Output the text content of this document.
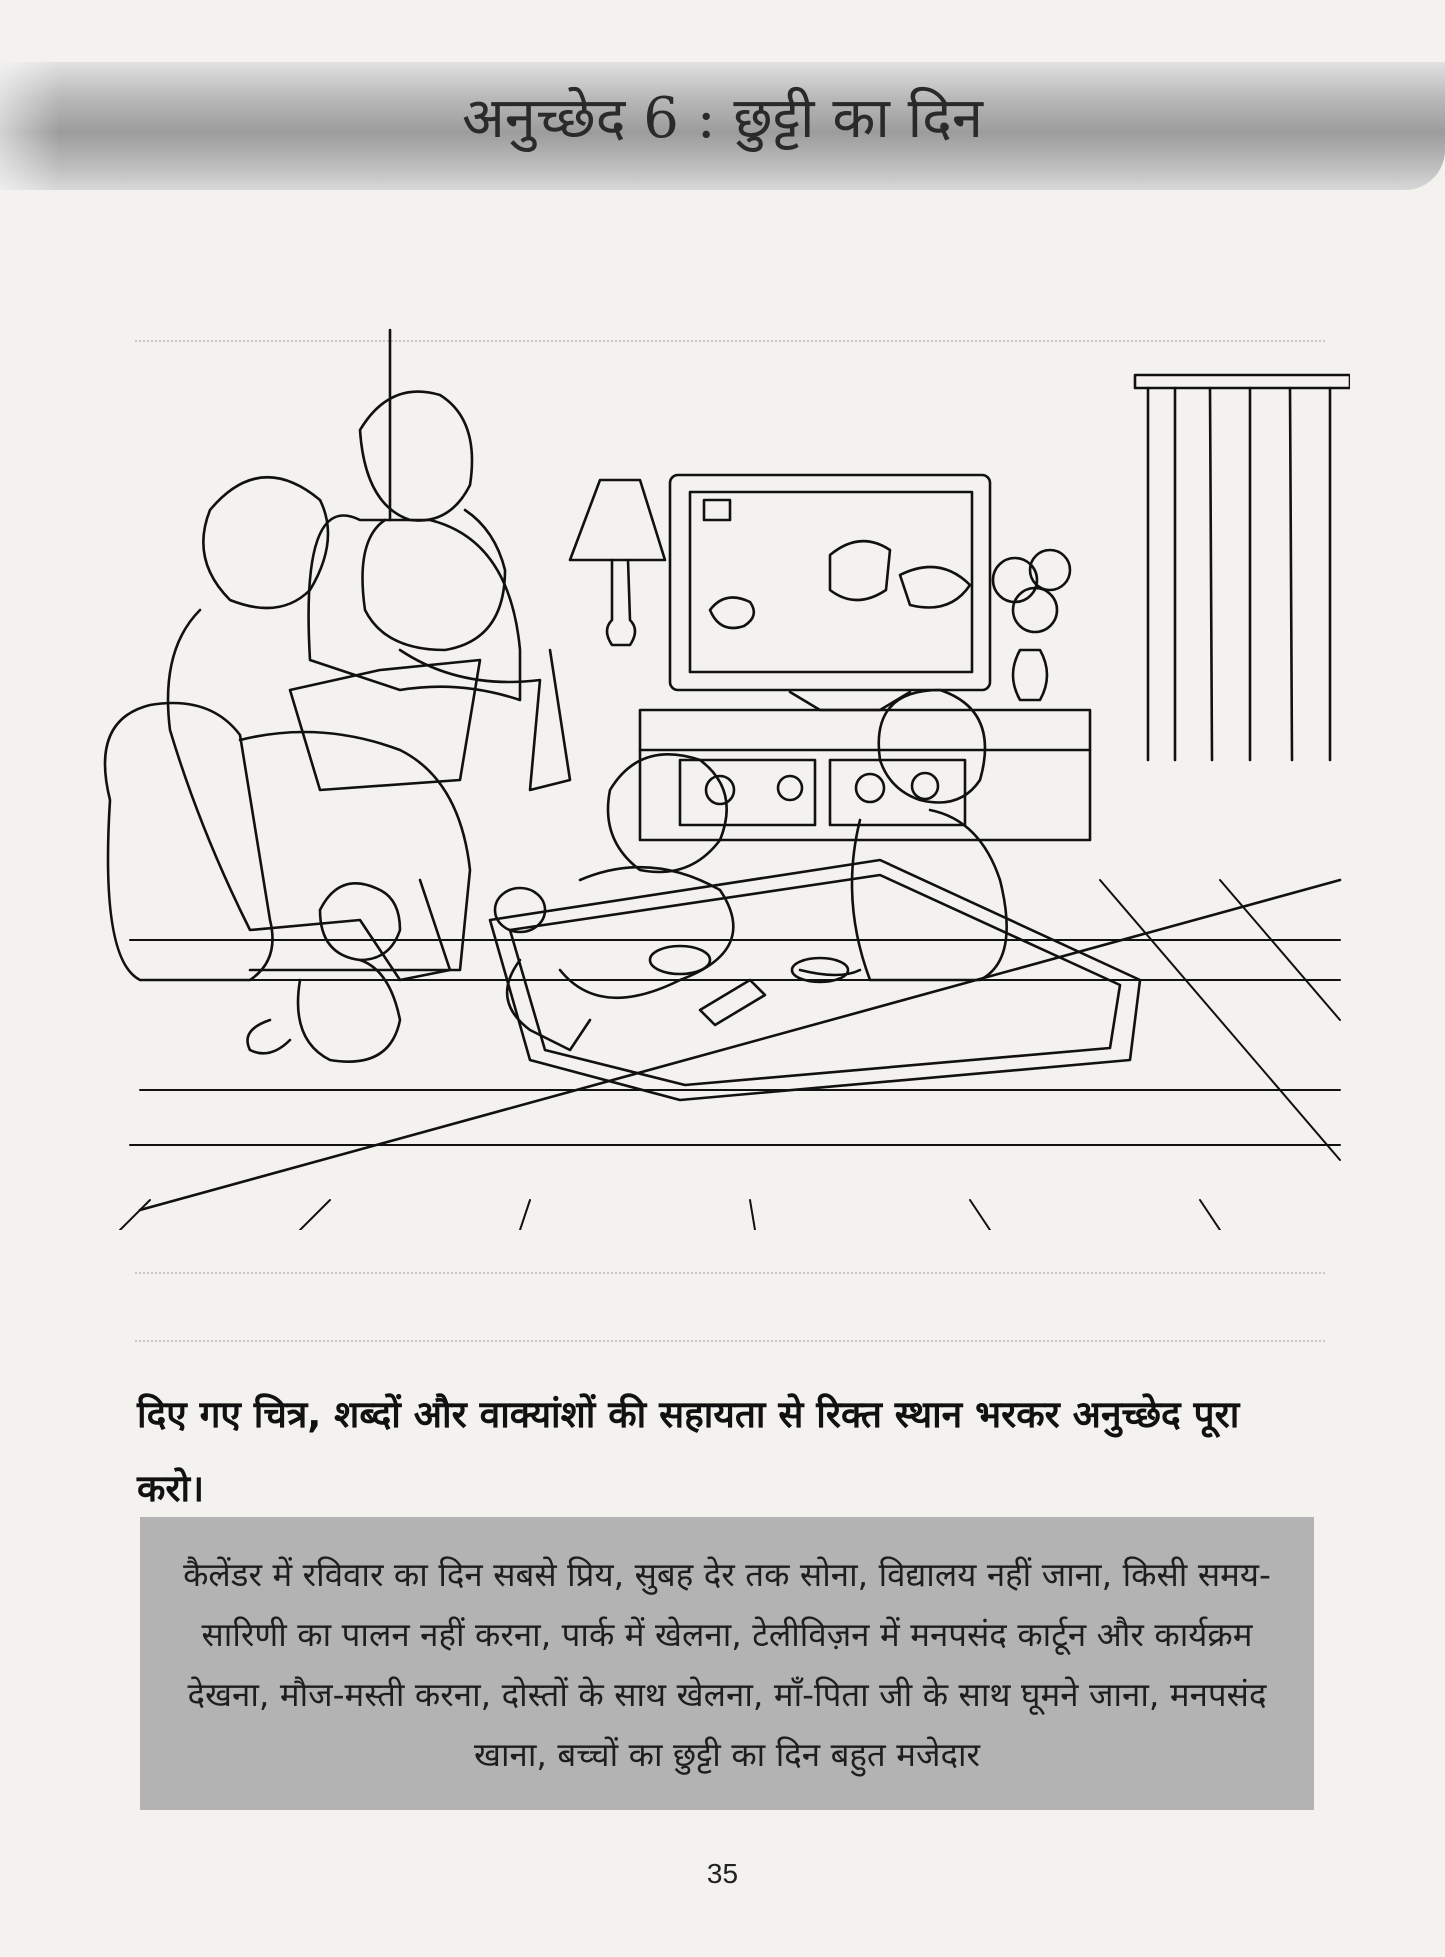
अनुच्छेद 6 : छुट्टी का दिन

दिए गए चित्र, शब्दों और वाक्यांशों की सहायता से रिक्त स्थान भरकर अनुच्छेद पूरा करो।

कैलेंडर में रविवार का दिन सबसे प्रिय, सुबह देर तक सोना, विद्यालय नहीं जाना, किसी समय-सारिणी का पालन नहीं करना, पार्क में खेलना, टेलीविज़न में मनपसंद कार्टून और कार्यक्रम देखना, मौज-मस्ती करना, दोस्तों के साथ खेलना, माँ-पिता जी के साथ घूमने जाना, मनपसंद खाना, बच्चों का छुट्टी का दिन बहुत मजेदार

35
